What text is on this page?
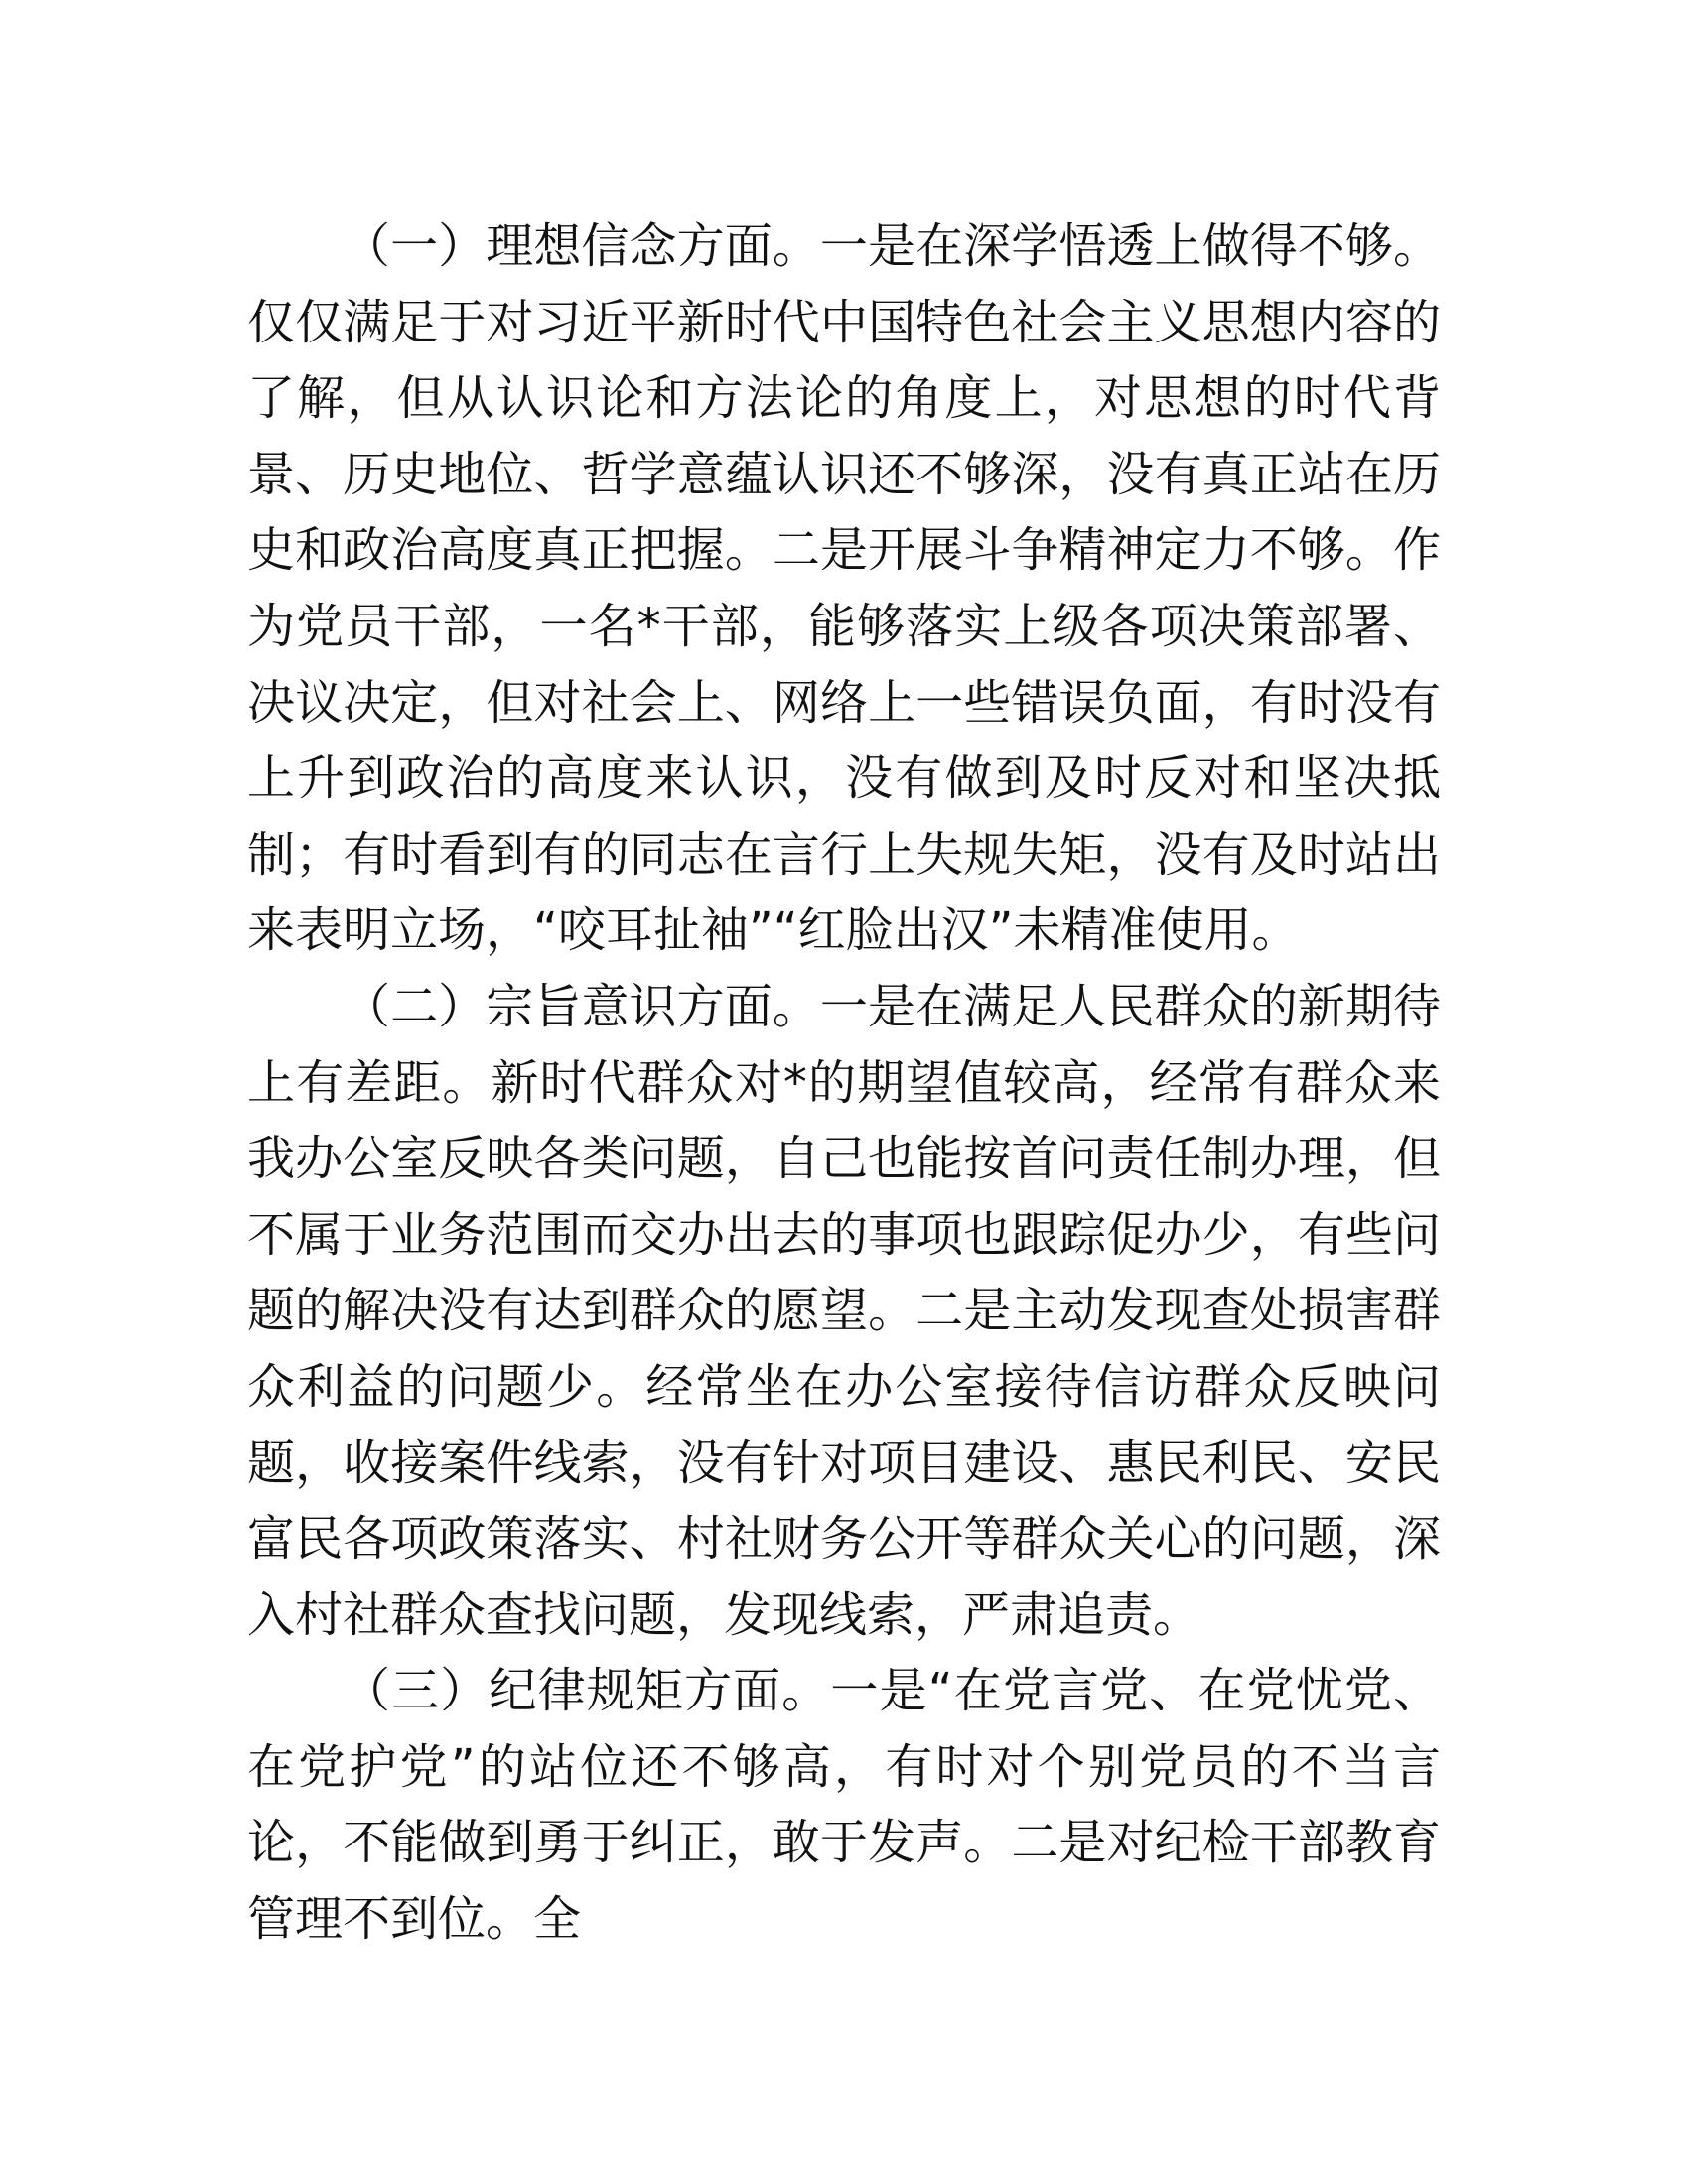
（一）理想信念方面。一是在深学悟透上做得不够。仅仅满足于对习近平新时代中国特色社会主义思想内容的了解，但从认识论和方法论的角度上，对思想的时代背景、历史地位、哲学意蕴认识还不够深，没有真正站在历史和政治高度真正把握。二是开展斗争精神定力不够。作为党员干部，一名*干部，能够落实上级各项决策部署、决议决定，但对社会上、网络上一些错误负面，有时没有上升到政治的高度来认识，没有做到及时反对和坚决抵制；有时看到有的同志在言行上失规失矩，没有及时站出来表明立场，“咬耳扯袖”“红脸出汉”未精准使用。

（二）宗旨意识方面。一是在满足人民群众的新期待上有差距。新时代群众对*的期望值较高，经常有群众来我办公室反映各类问题，自己也能按首问责任制办理，但不属于业务范围而交办出去的事项也跟踪促办少，有些问题的解决没有达到群众的愿望。二是主动发现查处损害群众利益的问题少。经常坐在办公室接待信访群众反映问题，收接案件线索，没有针对项目建设、惠民利民、安民富民各项政策落实、村社财务公开等群众关心的问题，深入村社群众查找问题，发现线索，严肃追责。

（三）纪律规矩方面。一是“在党言党、在党忧党、在党护党”的站位还不够高，有时对个别党员的不当言论，不能做到勇于纠正，敢于发声。二是对纪检干部教育管理不到位。全
